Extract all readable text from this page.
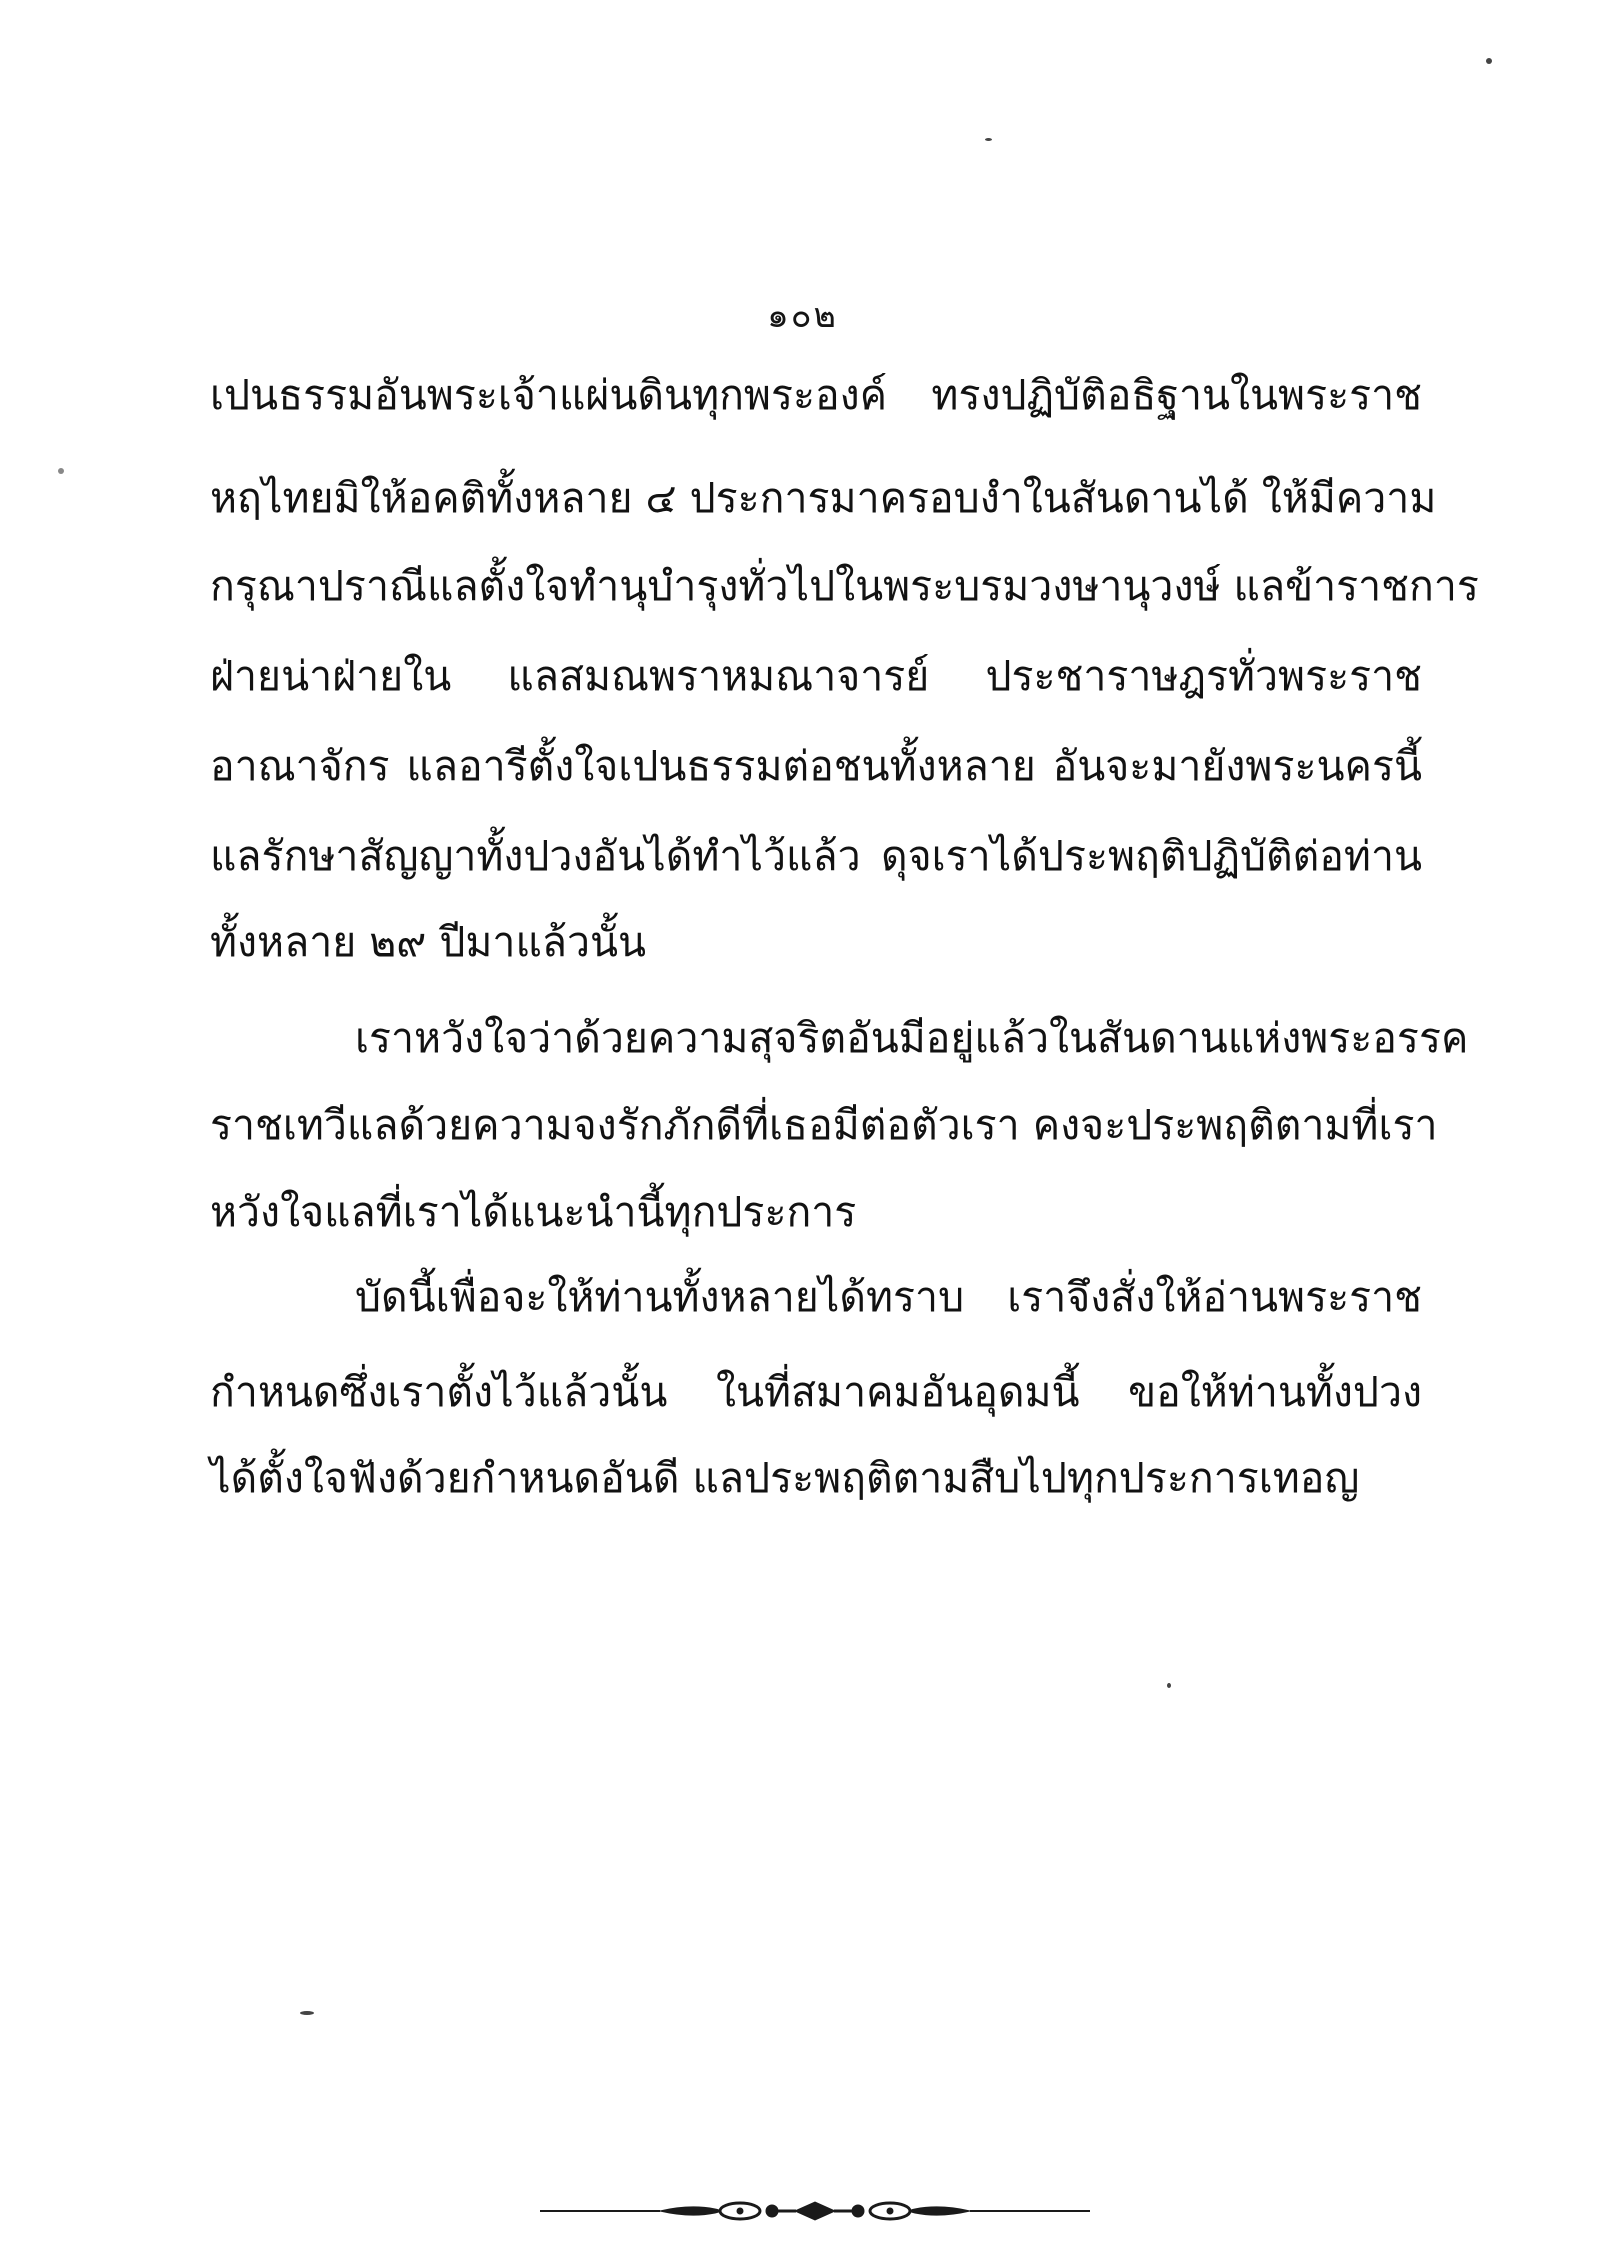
๑๐๒
เปนธรรมอันพระเจ้าแผ่นดินทุกพระองค์ ทรงปฏิบัติอธิฐานในพระราช
หฤไทยมิให้อคติทั้งหลาย ๔ ประการมาครอบงำในสันดานได้ ให้มีความ
กรุณาปราณีแลตั้งใจทำนุบำรุงทั่วไปในพระบรมวงษานุวงษ์ แลข้าราชการ
ฝ่ายน่าฝ่ายใน แลสมณพราหมณาจารย์ ประชาราษฎรทั่วพระราช
อาณาจักร แลอารีตั้งใจเปนธรรมต่อชนทั้งหลาย อันจะมายังพระนครนี้
แลรักษาสัญญาทั้งปวงอันได้ทำไว้แล้ว ดุจเราได้ประพฤติปฏิบัติต่อท่าน
ทั้งหลาย ๒๙ ปีมาแล้วนั้น
เราหวังใจว่าด้วยความสุจริตอันมีอยู่แล้วในสันดานแห่งพระอรรค
ราชเทวีแลด้วยความจงรักภักดีที่เธอมีต่อตัวเรา คงจะประพฤติตามที่เรา
หวังใจแลที่เราได้แนะนำนี้ทุกประการ
บัดนี้เพื่อจะให้ท่านทั้งหลายได้ทราบ เราจึงสั่งให้อ่านพระราช
กำหนดซึ่งเราตั้งไว้แล้วนั้น ในที่สมาคมอันอุดมนี้ ขอให้ท่านทั้งปวง
ได้ตั้งใจฟังด้วยกำหนดอันดี แลประพฤติตามสืบไปทุกประการเทอญ
